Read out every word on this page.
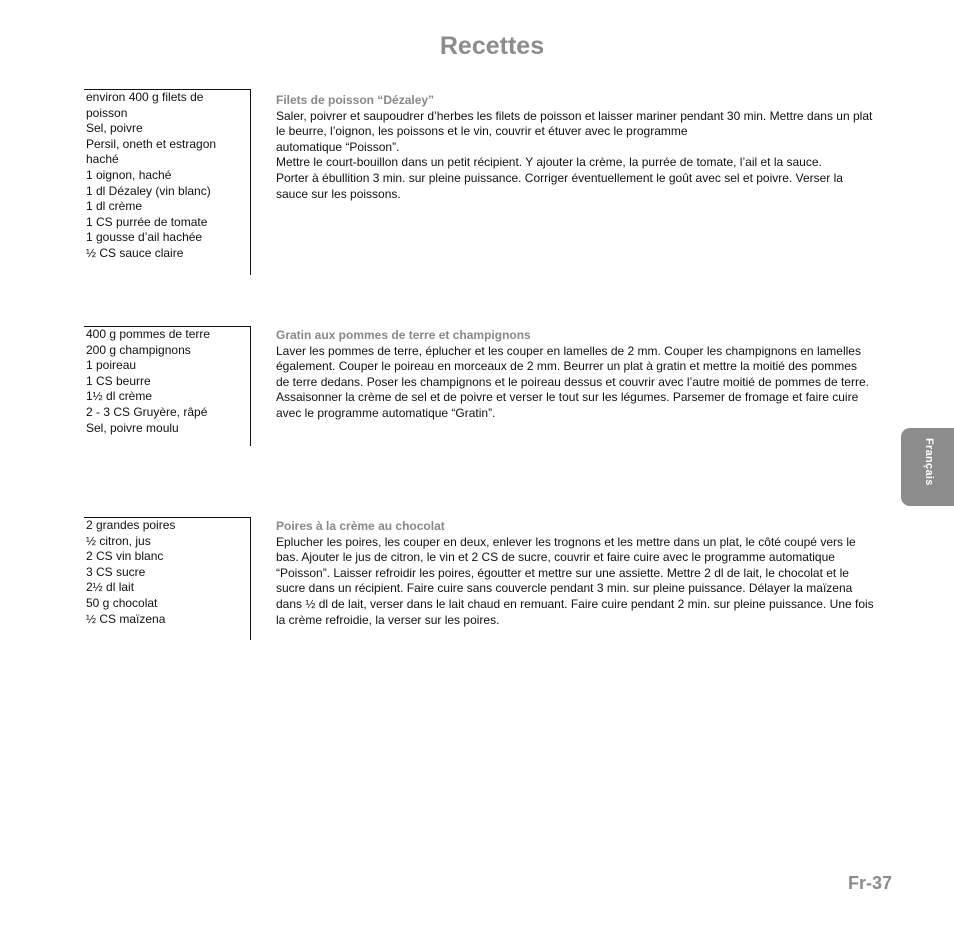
Recettes
environ 400 g filets de
poisson
Sel, poivre
Persil, oneth et estragon
haché
1 oignon, haché
1 dl Dézaley (vin blanc)
1 dl crème
1 CS purrée de tomate
1 gousse d’ail hachée
½ CS sauce claire
Filets de poisson “Dézaley”
Saler, poivrer et saupoudrer d’herbes les filets de poisson et laisser mariner pendant 30 min. Mettre dans un plat
le beurre, l’oignon, les poissons et le vin, couvrir et étuver avec le programme
automatique “Poisson”.
Mettre le court-bouillon dans un petit récipient. Y ajouter la crème, la purrée de tomate, l’ail et la sauce.
Porter à ébullition 3 min. sur pleine puissance. Corriger éventuellement le goût avec sel et poivre. Verser la
sauce sur les poissons.
400 g pommes de terre
200 g champignons
1 poireau
1 CS beurre
1½ dl crème
2 - 3 CS Gruyère, râpé
Sel, poivre moulu
Gratin aux pommes de terre et champignons
Laver les pommes de terre, éplucher et les couper en lamelles de 2 mm. Couper les champignons en lamelles
également. Couper le poireau en morceaux de 2 mm. Beurrer un plat à gratin et mettre la moitié des pommes
de terre dedans. Poser les champignons et le poireau dessus et couvrir avec l’autre moitié de pommes de terre.
Assaisonner la crème de sel et de poivre et verser le tout sur les légumes. Parsemer de fromage et faire cuire
avec le programme automatique “Gratin”.
2 grandes poires
½ citron, jus
2 CS vin blanc
3 CS sucre
2½ dl lait
50 g chocolat
½ CS maïzena
Poires à la crème au chocolat
Eplucher les poires, les couper en deux, enlever les trognons et les mettre dans un plat, le côté coupé vers le
bas. Ajouter le jus de citron, le vin et 2 CS de sucre, couvrir et faire cuire avec le programme automatique
“Poisson”. Laisser refroidir les poires, égoutter et mettre sur une assiette. Mettre 2 dl de lait, le chocolat et le
sucre dans un récipient. Faire cuire sans couvercle pendant 3 min. sur pleine puissance. Délayer la maïzena
dans ½ dl de lait, verser dans le lait chaud en remuant. Faire cuire pendant 2 min. sur pleine puissance. Une fois
la crème refroidie, la verser sur les poires.
Français
Fr-37
